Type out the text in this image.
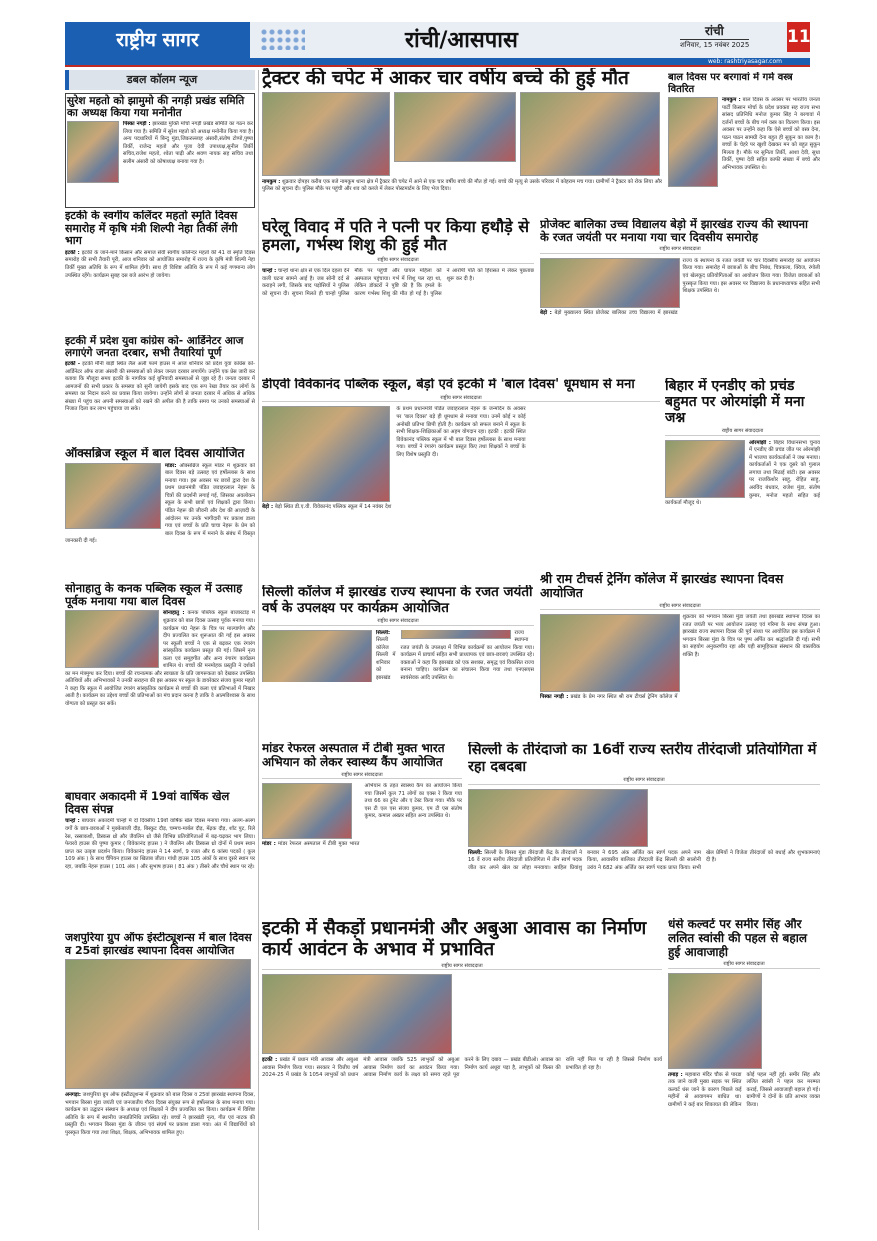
राष्ट्रीय सागर	रांची/आसपास	रांची
शनिवार, 15 नवंबर 2025 11
web: rashtriyasagar.com
डबल कॉलम न्यूज
सुरेश महतो को झामुमो की नगड़ी प्रखंड समिति का अध्यक्ष किया गया मनोनीत
पिस्का नगड़ी : झारखंड मुक्ति मोर्चा नगड़ी प्रखंड समिति का गठन कर लिया गया है। समिति में सुरेश महतो को अध्यक्ष मनोनीत किया गया है। अन्य पदधारियों में बिन्दु मुंडा,जिकरुल्लाह अंसारी,संतोष टोप्पो,पुष्पा तिर्की, राजेन्द्र महतो और पूजा देवी उपाध्यक्ष,सुनील तिर्की सचिव,राजेश महतो, श्वेता पाढ़ी और श्रवण नायक सह सचिव तथा सलीम अंसारी को कोषाध्यक्ष बनाया गया है।
इटकी के स्वर्गीय कलिंदर महतो स्मृति दिवस समारोह में कृषि मंत्री शिल्पी नेहा तिर्की लेंगी भाग
इटकी : इटकी के जाने-माने किसान और समाज सेवी स्वर्गीय कलिन्दर महतो की 41 वां स्मृति दिवस समारोह की सभी तैयारी पूरी, आज शनिवार को आयोजित समारोह में राज्य के कृषि मंत्री शिल्पी नेहा तिर्की मुख्य अतिथि के रूप में शामिल होंगी। साथ ही विशिष्ट अतिथि के रूप में कई गणमान्य लोग उपस्थित रहेंगे। कार्यक्रम सुबह दस बजे आरंभ हो जायेगा।
इटकी में प्रदेश युवा कांग्रेस को- आर्डिनेटर आज लगाएंगे जनता दरबार, सभी तैयारियां पूर्ण
इटकी - इटकी मौनी बाड़ी स्थित लैल अली फार्म हाउस में आज शनिवार को प्रदेश युवा कांग्रेस को- आर्डिनेटर ऑफ राजा अंसारी की समस्याओं को लेकर जनता दरबार लगायेंगे। उन्होंने एक प्रेस जारी कर बताया कि मौजूदा समय इटकी के नागरिक कई बुनियादी समस्याओं से जूझ रहे हैं। जनता दरबार में आमजनों की सभी प्रकार के समस्या को सुनी जायेगी इसके बाद एक रूप रेखा तैयार कर लोगों के समस्या का निदान करने का प्रयास किया जायेगा। उन्होंने लोगों से जनता दरबार में अधिक से अधिक संख्या में पहुंच कर अपनी समस्याओं को रखने की अपील की है ताकि समय पर उनको समस्याओं से निजात दिला कर लाभ पहुंचाया जा सके।
ऑक्सब्रिज स्कूल में बाल दिवस आयोजित
मांडर: ऑक्सब्रिज स्कूल मांडर में शुक्रवार को बाल दिवस बड़े उत्साह एवं हर्षोल्लास के साथ मनाया गया। इस अवसर पर छात्रों द्वारा देश के प्रथम प्रधानमंत्री पंडित जवाहरलाल नेहरू के चित्रों की प्रदर्शनी लगाई गई, जिसका अवलोकन स्कूल के सभी छात्रों एवं शिक्षकों द्वारा किया। पंडित नेहरू की जीवनी और देश की आज़ादी के आंदोलन पर उनके भागीदारी पर प्रकाश डाला गया एवं बच्चों के प्रति चाचा नेहरू के प्रेम को बाल दिवस के रूप में मनाने के संबंध में विस्तृत जानकारी दी गई।
सोनाहातु के कनक पब्लिक स्कूल में उत्साह पूर्वक मनाया गया बाल दिवस
सोनाहातु : कनक पब्लिक स्कूल बाजारटांड़ में शुक्रवार को बाल दिवस उत्साह पूर्वक मनाया गया। कार्यक्रम पं0 नेहरू के चित्र पर माल्यार्पण और दीप प्रज्वलित कर शुरूआत की गई इस अवसर पर स्कूली बच्चों ने एक से बढ़कर एक रंगारंग सांस्कृतिक कार्यक्रम प्रस्तुत की गई। जिसमें नृत्य कला एवं समूहगीत और अन्य रंगारंग कार्यक्रम शामिल थे। बच्चों की मनमोहक प्रस्तुति ने दर्शकों का मन मंत्रमुग्ध कर दिया। बच्चों की रचनात्मक और स्वच्छता के प्रति जागरूकता को देखकर उपस्थित अतिथियों और अभिभावकों ने उनकी सराहना की इस अवसर पर स्कूल के डायरेक्टर संजय कुमार महतो ने कहा कि स्कूल में आयोजित रंगारंग सांस्कृतिक कार्यक्रम से बच्चों की कला एवं प्रतिभाओं में निखार आती है। कार्यक्रम का उद्देश्य बच्चों की प्रतिभाओं का मंच प्रदान करना है ताकि वे आत्मविश्वास के साथ योग्यता को प्रस्तुत कर सकें।
बाघवार अकादमी में 19वां वार्षिक खेल दिवस संपन्न
चान्हो : बाघवार अकादमी चान्हो में दो दिवसीय 19वाँ वार्षिक खेल दिवस मनाया गया। अलग-अलग वर्गों के छात्र-छात्राओं ने मुक्केबाजी दौड़, बिस्कुट दौड़, चम्मच-मार्बल दौड़, मेंढ़क दौड़, शॉट पुट, रिले रेस, रस्साकशी, डिस्कस थ्रो और जैवलिन थ्रो जैसे विभिन्न प्रतियोगिताओं में बढ़-चढ़कर भाग लिया। फेयरवे हाउस की पुष्पा कुमार ( विवेकानंद हाउस ) ने जैवलिन और डिस्कस थ्रो दोनों में प्रथम स्थान प्राप्त कर उत्कृष्ट प्रदर्शन किया। विवेकानंद हाउस ने 14 स्वर्ण, 9 रजत और 6 कांस्य पदकों ( कुल 109 अंक ) के साथ चैंपियन हाउस का खिताब जीता। गांधी हाउस 105 अंकों के साथ दूसरे स्थान पर रहा, जबकि नेहरू हाउस ( 101 अंक ) और सुभाष हाउस ( 81 अंक ) तीसरे और चौथे स्थान पर रहे।
जशपुरिया ग्रुप ऑफ इंस्टीट्यूशन्स में बाल दिवस व 25वां झारखंड स्थापना दिवस आयोजित
अनगड़ा: जशपुरिया ग्रुप ऑफ इंस्टीट्यूशन्स में शुक्रवार को बाल दिवस व 25वां झारखंड स्थापना दिवस, भगवान बिरसा मुंडा जयंती एवं जनजातीय गौरव दिवस संयुक्त रूप से हर्षोल्लास के साथ मनाया गया। कार्यक्रम का उद्घाटन संस्थान के अध्यक्ष एवं शिक्षकों ने दीप प्रज्वलित कर किया। कार्यक्रम में विशिष्ट अतिथि के रूप में स्थानीय जनप्रतिनिधि उपस्थित रहे। बच्चों ने झारखंडी नृत्य, गीत एवं नाटक की प्रस्तुति दी। भगवान बिरसा मुंडा के जीवन एवं संघर्ष पर प्रकाश डाला गया। अंत में विद्यार्थियों को पुरस्कृत किया गया तथा शिक्षा, शिक्षक, अभिभावक शामिल हुए।
ट्रैक्टर की चपेट में आकर चार वर्षीय बच्चे की हुई मौत
नामकुम : शुक्रवार दोपहर करीब एक बजे नामकुम थाना क्षेत्र में ट्रैक्टर की चपेट में आने से एक चार वर्षीय बच्चे की मौत हो गई। बच्चे की मृत्यु से उसके परिवार में कोहराम मच गया। ग्रामीणों ने ट्रैक्टर को रोक लिया और पुलिस को सूचना दी। पुलिस मौके पर पहुंची और शव को कब्जे में लेकर पोस्टमार्टम के लिए भेज दिया।
बाल दिवस पर बरगावां में गर्म वस्त्र वितरित
नामकुम : बाल दिवस के अवसर पर भारतीय जनता पार्टी किसान मोर्चा के प्रदेश प्रवक्ता सह राज्य सभा सांसद प्रतिनिधि मनोज कुमार सिंह ने बरगावां में दर्जनों बच्चों के बीच गर्म वस्त्र का वितरण किया। इस अवसर पर उन्होंने कहा कि ऐसे बच्चों को वस्त्र देना, पठन पाठन सामग्री देना बहुत ही सुकून का काम है। बच्चों के चेहरे पर खुशी देखकर मन को बहुत सुकून मिलता है। मौके पर सुनिता तिर्की, आशा देवी, सुधा तिर्की, पुष्पा देवी सहित काफी संख्या में बच्चे और अभिभावक उपस्थित थे।
घरेलू विवाद में पति ने पत्नी पर किया हथौड़े से हमला, गर्भस्थ शिशु की हुई मौत
राष्ट्रीय सागर संवाददाता
चान्हो : चान्हो थाना क्षेत्र से एक दिल दहला देने वाली घटना सामने आई है। जब सोनी दर्द से कराहने लगी, जिसके बाद पड़ोसियों ने पुलिस को सूचना दी। सूचना मिलते ही चान्हो पुलिस मौके पर पहुंची और घायल महिला को अस्पताल पहुंचाया। गर्भ में शिशु पल रहा था, लेकिन डॉक्टरों ने पुष्टि की है कि हमले के कारण गर्भस्थ शिशु की मौत हो गई है। पुलिस ने आरोपी पति को हिरासत में लेकर पूछताछ शुरू कर दी है।
प्रोजेक्ट बालिका उच्च विद्यालय बेड़ो में झारखंड राज्य की स्थापना के रजत जयंती पर मनाया गया चार दिवसीय समारोह
राष्ट्रीय सागर संवाददाता
बेड़ो : बेड़ो मुख्यालय स्थित प्रोजेक्ट बालिका उच्च विद्यालय में झारखंड राज्य के स्थापना के रजत जयंती पर चार दिवसीय समारोह का आयोजन किया गया। समारोह में छात्राओं के बीच निबंध, चित्रकला, क्विज, रंगोली एवं खेलकूद प्रतियोगिताओं का आयोजन किया गया। विजेता छात्राओं को पुरस्कृत किया गया। इस अवसर पर विद्यालय के प्रधानाध्यापक सहित सभी शिक्षक उपस्थित थे।
डीएवी विवेकानंद पब्लिक स्कूल, बेड़ो एवं इटकी में 'बाल दिवस' धूमधाम से मना
राष्ट्रीय सागर संवाददाता
बेड़ो : बेड़ो स्थित डी.ए.वी. विवेकानंद पब्लिक स्कूल में 14 नवंबर देश के प्रथम प्रधानमंत्री पंडित जवाहरलाल नेहरू के जन्मदिन के अवसर पर 'बाल दिवस' बड़े ही धूमधाम से मनाया गया। उनमें कोई न कोई अनोखी प्रतिभा छिपी होती है। कार्यक्रम को सफल बनाने में स्कूल के सभी शिक्षक-शिक्षिकाओं का अहम योगदान रहा। इटकी : इटकी स्थित विवेकानंद पब्लिक स्कूल में भी बाल दिवस हर्षोल्लास के साथ मनाया गया। बच्चों ने रंगारंग कार्यक्रम प्रस्तुत किए तथा शिक्षकों ने बच्चों के लिए विशेष प्रस्तुति दी।
बिहार में एनडीए को प्रचंड बहुमत पर ओरमांझी में मना जश्न
राष्ट्रीय सागर संवाददाता
ओरमांझी : बिहार विधानसभा चुनाव में एनडीए की प्रचंड जीत पर ओरमांझी में भाजपा कार्यकर्ताओं ने जश्न मनाया। कार्यकर्ताओं ने एक दूसरे को गुलाल लगाया तथा मिठाई बांटी। इस अवसर पर राजकिशोर साहु, रोहित साहु, अरविंद बंधवार, राजेश मुंडा, संतोष कुमार, मनोज महतो सहित कई कार्यकर्ता मौजूद थे।
सिल्ली कॉलेज में झारखंड राज्य स्थापना के रजत जयंती वर्ष के उपलक्ष्य पर कार्यक्रम आयोजित
राष्ट्रीय सागर संवाददाता
सिल्ली: सिल्ली कॉलेज सिल्ली में शनिवार को झारखंड राज्य स्थापना रजत जयंती के उपलक्ष्य में विभिन्न कार्यक्रमों का आयोजन किया गया। कार्यक्रम में प्राचार्य सहित सभी प्राध्यापक एवं छात्र-छात्राएं उपस्थित रहे। वक्ताओं ने कहा कि झारखंड को एक सशक्त, समृद्ध एवं विकसित राज्य बनाना चाहिए। कार्यक्रम का संचालन किया गया तथा एनएसएस स्वयंसेवक आदि उपस्थित थे।
श्री राम टीचर्स ट्रेनिंग कॉलेज में झारखंड स्थापना दिवस आयोजित
राष्ट्रीय सागर संवाददाता
पिस्का नगड़ी : प्रखंड के प्रेम नगर स्थित श्री राम टीचर्स ट्रेनिंग कॉलेज में शुक्रवार को भगवान बिरसा मुंडा जयंती तथा झारखंड स्थापना दिवस का रजत जयंती पर भव्य आयोजन उत्साह एवं गरिमा के साथ संपन्न हुआ। झारखंड राज्य स्थापना दिवस की पूर्व संध्या पर आयोजित इस कार्यक्रम में भगवान बिरसा मुंडा के चित्र पर पुष्प अर्पित कर श्रद्धांजलि दी गई। सभी का सहयोग अनुकरणीय रहा और यही सामूहिकता संस्थान की वास्तविक शक्ति है।
मांडर रेफरल अस्पताल में टीबी मुक्त भारत अभियान को लेकर स्वास्थ्य कैंप आयोजित
राष्ट्रीय सागर संवाददाता
मांडर : मांडर रेफरल अस्पताल में टीबी मुक्त भारत अभियान के तहत स्वास्थ्य कैंप का आयोजन किया गया जिसमें कुल 71 लोगों का एक्स रे किया गया तथा 66 का ट्रूनेट और ए टेस्ट किया गया। मौके पर एस टी एल एस संजय कुमार, एम टी एस संतोष कुमार, कमाल अख्तर सहित अन्य उपस्थित थे।
सिल्ली के तीरंदाजो का 16वीं राज्य स्तरीय तीरंदाजी प्रतियोगिता में रहा दबदबा
राष्ट्रीय सागर संवाददाता
सिल्ली: सिल्ली के बिरसा मुंडा तीरंदाजी केंद्र के तीरंदाजों ने 16 वें राज्य स्तरीय तीरंदाजी प्रतियोगिता में तीन स्वर्ण पदक जीत कर अपने खेल का लोहा मनवाया। साहिल प्रियांशु बनवार ने 695 अंक अर्जित कर स्वर्ण पदक अपने नाम किया, आवासीय बालिका तीरंदाजी केंद्र सिल्ली की सालोनी उरांव ने 682 अंक अर्जित कर स्वर्ण पदक प्राप्त किया। सभी खेल प्रेमियों ने विजेता तीरंदाजों को बधाई और शुभकामनाएं दी है।
इटकी में सैकड़ों प्रधानमंत्री और अबुआ आवास का निर्माण कार्य आवंटन के अभाव में प्रभावित
राष्ट्रीय सागर संवाददाता
इटकी : प्रखंड में प्रधान मंत्री आवास और अबुआ आवास निर्माण किया गया। सरकार ने वित्तीय वर्ष 2024-25 में प्रखंड के 1054 लाभुकों को प्रधान मंत्री आवास जबकि 525 लाभुकों को अबुआ आवास निर्माण कार्य का आवंटन किया गया। आवास निर्माण कार्य के लक्ष्य को समय रहते पूरा करने के लिए दबाव — प्रखंड बीडीओ। आवास का निर्माण कार्य अधूरा पड़ा है, लाभुकों को किस्त की राशि नहीं मिल पा रही है जिससे निर्माण कार्य प्रभावित हो रहा है।
धंसे कल्वर्ट पर समीर सिंह और ललित स्वांसी की पहल से बहाल हुई आवाजाही
राष्ट्रीय सागर संवाददाता
तमाड़ : महाबारा मंदिर चौक से पारडा तक जाने वाली मुख्य सड़क पर स्थित कल्वर्ट धंस जाने के कारण पिछले कई महीनों से आवागमन बाधित था। ग्रामीणों ने कई बार शिकायत की लेकिन कोई पहल नहीं हुई। समीर सिंह और ललित स्वांसी ने पहल कर मरम्मत कराई, जिससे आवाजाही बहाल हो गई। ग्रामीणों ने दोनों के प्रति आभार व्यक्त किया।
